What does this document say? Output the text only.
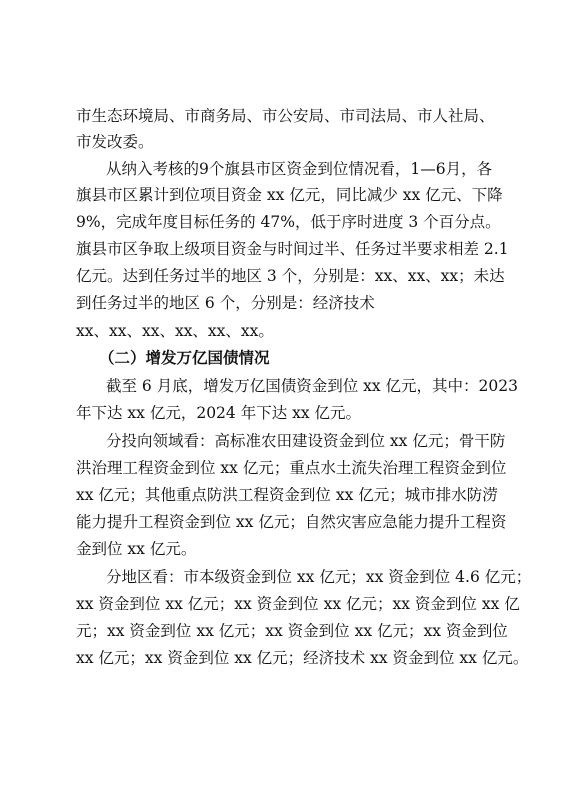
市生态环境局、市商务局、市公安局、市司法局、市人社局、
市发改委。
从纳入考核的9个旗县市区资金到位情况看，1—6月，各
旗县市区累计到位项目资金 xx 亿元，同比减少 xx 亿元、下降
9%，完成年度目标任务的 47%，低于序时进度 3 个百分点。
旗县市区争取上级项目资金与时间过半、任务过半要求相差 2.1
亿元。达到任务过半的地区 3 个，分别是：xx、xx、xx；未达
到任务过半的地区 6 个，分别是：经济技术
xx、xx、xx、xx、xx、xx。
（二）增发万亿国债情况
截至 6 月底，增发万亿国债资金到位 xx 亿元，其中：2023
年下达 xx 亿元，2024 年下达 xx 亿元。
分投向领域看：高标准农田建设资金到位 xx 亿元；骨干防
洪治理工程资金到位 xx 亿元；重点水土流失治理工程资金到位
xx 亿元；其他重点防洪工程资金到位 xx 亿元；城市排水防涝
能力提升工程资金到位 xx 亿元；自然灾害应急能力提升工程资
金到位 xx 亿元。
分地区看：市本级资金到位 xx 亿元；xx 资金到位 4.6 亿元；
xx 资金到位 xx 亿元；xx 资金到位 xx 亿元；xx 资金到位 xx 亿
元；xx 资金到位 xx 亿元；xx 资金到位 xx 亿元；xx 资金到位
xx 亿元；xx 资金到位 xx 亿元；经济技术 xx 资金到位 xx 亿元。
